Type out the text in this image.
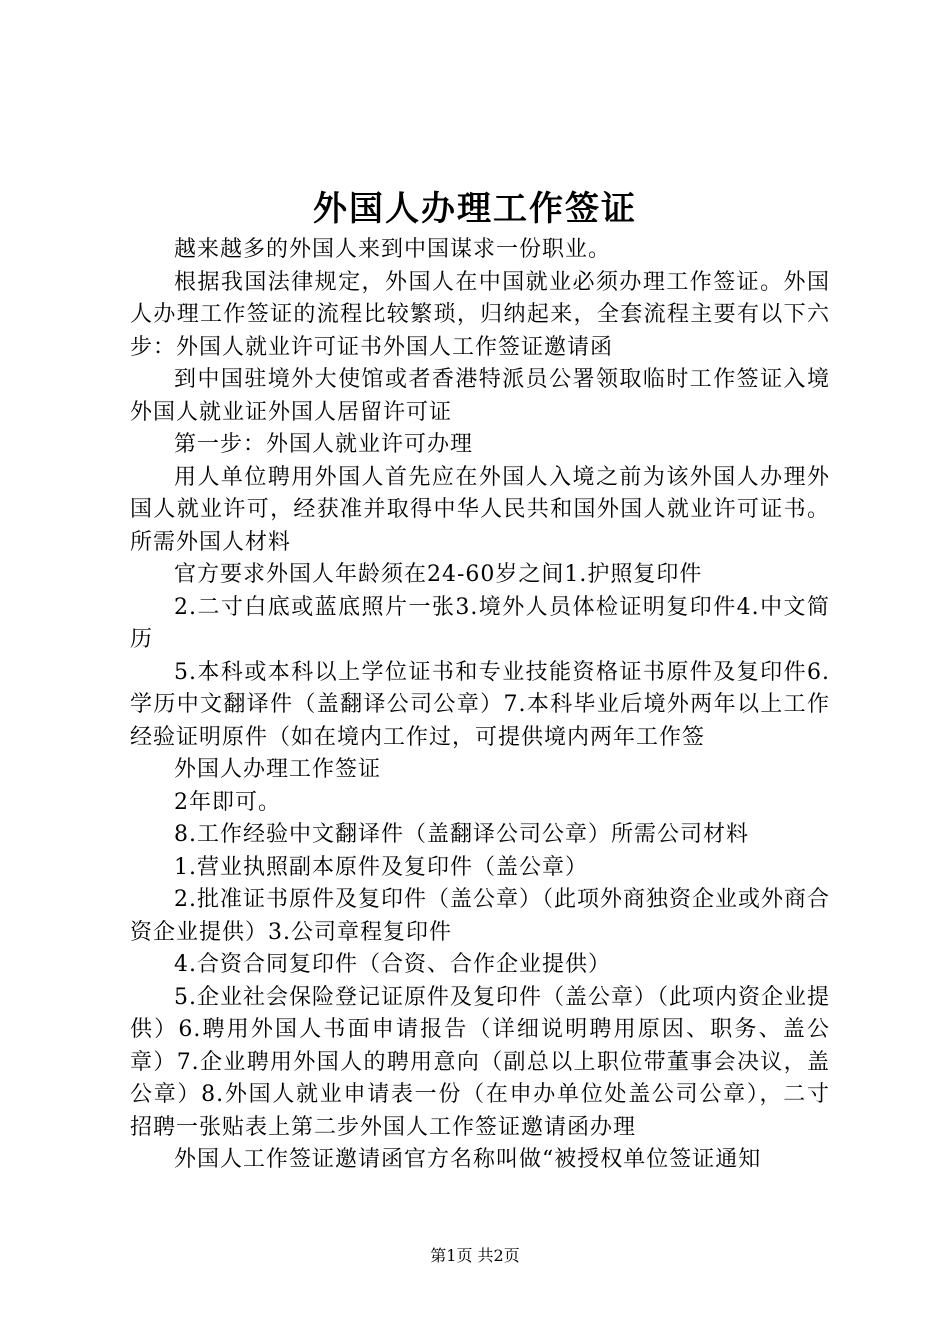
外国人办理工作签证

越来越多的外国人来到中国谋求一份职业。

根据我国法律规定，外国人在中国就业必须办理工作签证。外国人办理工作签证的流程比较繁琐，归纳起来，全套流程主要有以下六步：外国人就业许可证书外国人工作签证邀请函

到中国驻境外大使馆或者香港特派员公署领取临时工作签证入境外国人就业证外国人居留许可证

第一步：外国人就业许可办理

用人单位聘用外国人首先应在外国人入境之前为该外国人办理外国人就业许可，经获准并取得中华人民共和国外国人就业许可证书。所需外国人材料

官方要求外国人年龄须在24-60岁之间1.护照复印件

2.二寸白底或蓝底照片一张3.境外人员体检证明复印件4.中文简历

5.本科或本科以上学位证书和专业技能资格证书原件及复印件6.学历中文翻译件（盖翻译公司公章）7.本科毕业后境外两年以上工作经验证明原件（如在境内工作过，可提供境内两年工作签

外国人办理工作签证

2年即可。

8.工作经验中文翻译件（盖翻译公司公章）所需公司材料

1.营业执照副本原件及复印件（盖公章）

2.批准证书原件及复印件（盖公章）（此项外商独资企业或外商合资企业提供）3.公司章程复印件

4.合资合同复印件（合资、合作企业提供）

5.企业社会保险登记证原件及复印件（盖公章）（此项内资企业提供）6.聘用外国人书面申请报告（详细说明聘用原因、职务、盖公章）7.企业聘用外国人的聘用意向（副总以上职位带董事会决议，盖公章）8.外国人就业申请表一份（在申办单位处盖公司公章），二寸招聘一张贴表上第二步外国人工作签证邀请函办理

外国人工作签证邀请函官方名称叫做“被授权单位签证通知

第1页 共2页
